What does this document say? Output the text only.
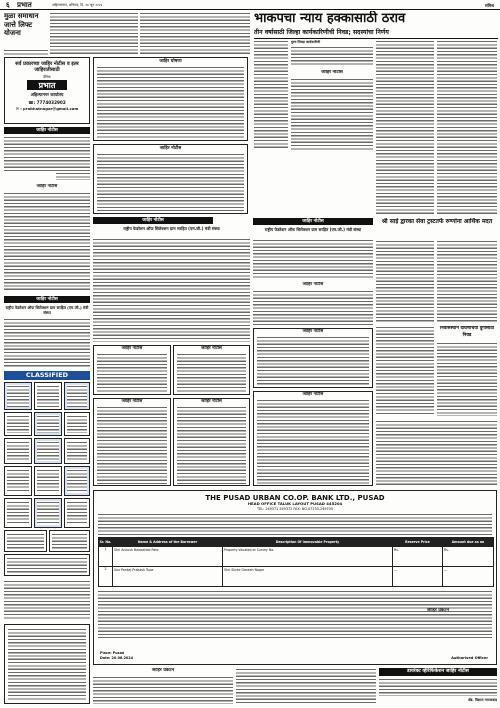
६ प्रभात	अहिल्यानगर, शनिवार, दि. २४ जून २०२४	संमिश्र
मुळा समाधान जात्ते लिफ्ट योजना
भाकपचा न्याय हक्कासाठी ठराव
तीन वर्षासाठी जिल्हा कार्यकारिणीची निवड; सदस्यांचा निर्णय
मुल्य जिल्हा कार्यकारिणी
सर्व प्रकारच्या जाहिर नोटीस व इतर जाहिरातीसाठी
दैनिक
प्रभात
अहिल्यानगर कार्यालय
☎: 7774032902
✉ : prabhatnagar@gmail.com
जाहिर नोटीस
जाहिर नोटीस
जाहिर नोटीस
राष्ट्रीय फेडरेशन ऑफ सिलेक्शन ग्राम सरहित (एम.जी.) मंत्री संस्था
CLASSIFIED
जाहिर घोषणा
जाहिर नोटीस
जाहिर नोटीस
जाहिर नोटीस	जाहिर नोटीस
राष्ट्रीय फेडरेशन ऑफ सिलेक्शन ग्राम सरहित (एम.जी.) मंत्री संस्था	राष्ट्रीय फेडरेशन ऑफ सिलेक्शन ग्राम सरहित (एम.जी.) मंत्री संस्था
श्री साई द्वारका सेवा ट्रस्टतर्फे रुग्णांना आर्थिक मदत
निवासस्थान दोघणाचर्या दुर्गासाठी निवड
जाहिर नोटीस
जाहिर नोटीस
जाहिर नोटीस	जाहिर नोटीस
जाहिर नोटीस	जाहिर नोटीस
जाहिर नोटीस
THE PUSAD URBAN CO.OP. BANK LTD., PUSAD
HEAD OFFICE TALUK LAYOUT PUSAD 445204
TEL: 249371 249372 FAX: NO.07233-249705
Sr. No.	Name & Address of the Borrower	Description Of Immovable Property	Reserve Price	Amount due as on
1	Shri Ankush Balasaheb Pate	Property situated at Survey No.	Rs.	Rs.
2	Sau Pankaj Prakash Tupe	Shri Shree Ganesh Nagar	—	—
Place: Pusad
Date: 20.06.2024	Authorised Officer
जाहिर प्रकटन
जाहिर प्रकटन
डायरेक्ट व्हेरिफिकेशन जाहिर नोटीस
ॲड. विशाल गायकवाड
